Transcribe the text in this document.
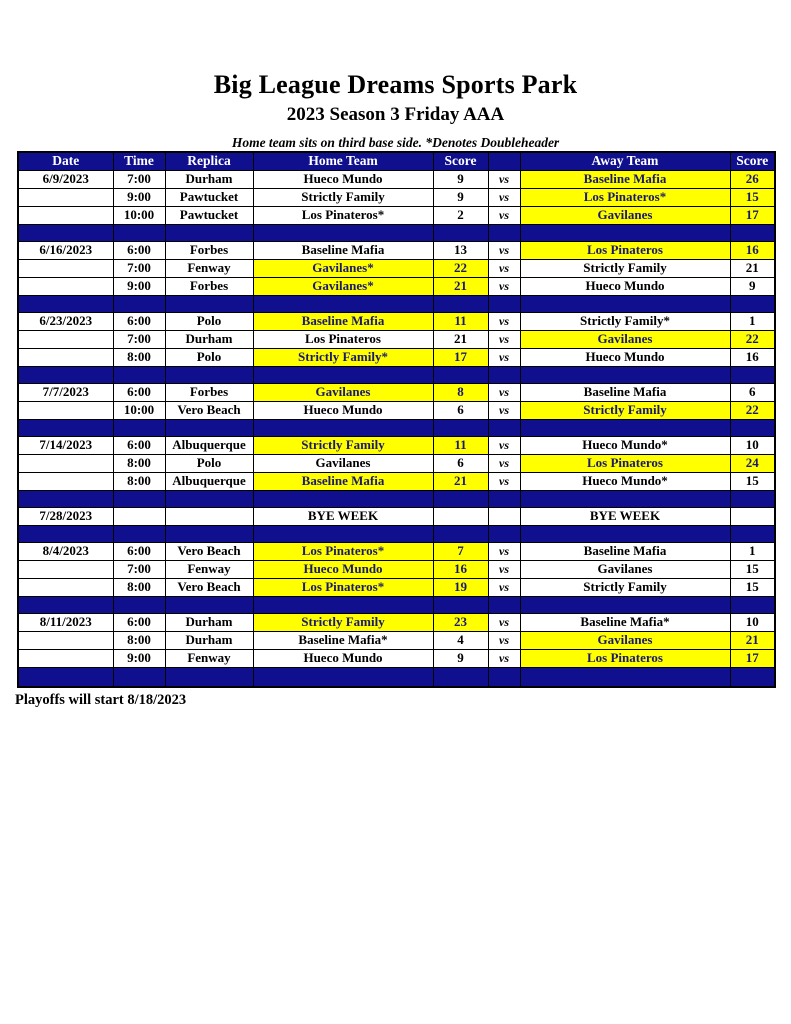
Big League Dreams Sports Park
2023 Season 3 Friday AAA
Home team sits on third base side. *Denotes Doubleheader
Date	Time	Replica	Home Team	Score		Away Team	Score
6/9/2023	7:00	Durham	Hueco Mundo	9	vs	Baseline Mafia	26
	9:00	Pawtucket	Strictly Family	9	vs	Los Pinateros*	15
	10:00	Pawtucket	Los Pinateros*	2	vs	Gavilanes	17

6/16/2023	6:00	Forbes	Baseline Mafia	13	vs	Los Pinateros	16
	7:00	Fenway	Gavilanes*	22	vs	Strictly Family	21
	9:00	Forbes	Gavilanes*	21	vs	Hueco Mundo	9

6/23/2023	6:00	Polo	Baseline Mafia	11	vs	Strictly Family*	1
	7:00	Durham	Los Pinateros	21	vs	Gavilanes	22
	8:00	Polo	Strictly Family*	17	vs	Hueco Mundo	16

7/7/2023	6:00	Forbes	Gavilanes	8	vs	Baseline Mafia	6
	10:00	Vero Beach	Hueco Mundo	6	vs	Strictly Family	22

7/14/2023	6:00	Albuquerque	Strictly Family	11	vs	Hueco Mundo*	10
	8:00	Polo	Gavilanes	6	vs	Los Pinateros	24
	8:00	Albuquerque	Baseline Mafia	21	vs	Hueco Mundo*	15

7/28/2023			BYE WEEK			BYE WEEK	

8/4/2023	6:00	Vero Beach	Los Pinateros*	7	vs	Baseline Mafia	1
	7:00	Fenway	Hueco Mundo	16	vs	Gavilanes	15
	8:00	Vero Beach	Los Pinateros*	19	vs	Strictly Family	15

8/11/2023	6:00	Durham	Strictly Family	23	vs	Baseline Mafia*	10
	8:00	Durham	Baseline Mafia*	4	vs	Gavilanes	21
	9:00	Fenway	Hueco Mundo	9	vs	Los Pinateros	17

Playoffs will start 8/18/2023
